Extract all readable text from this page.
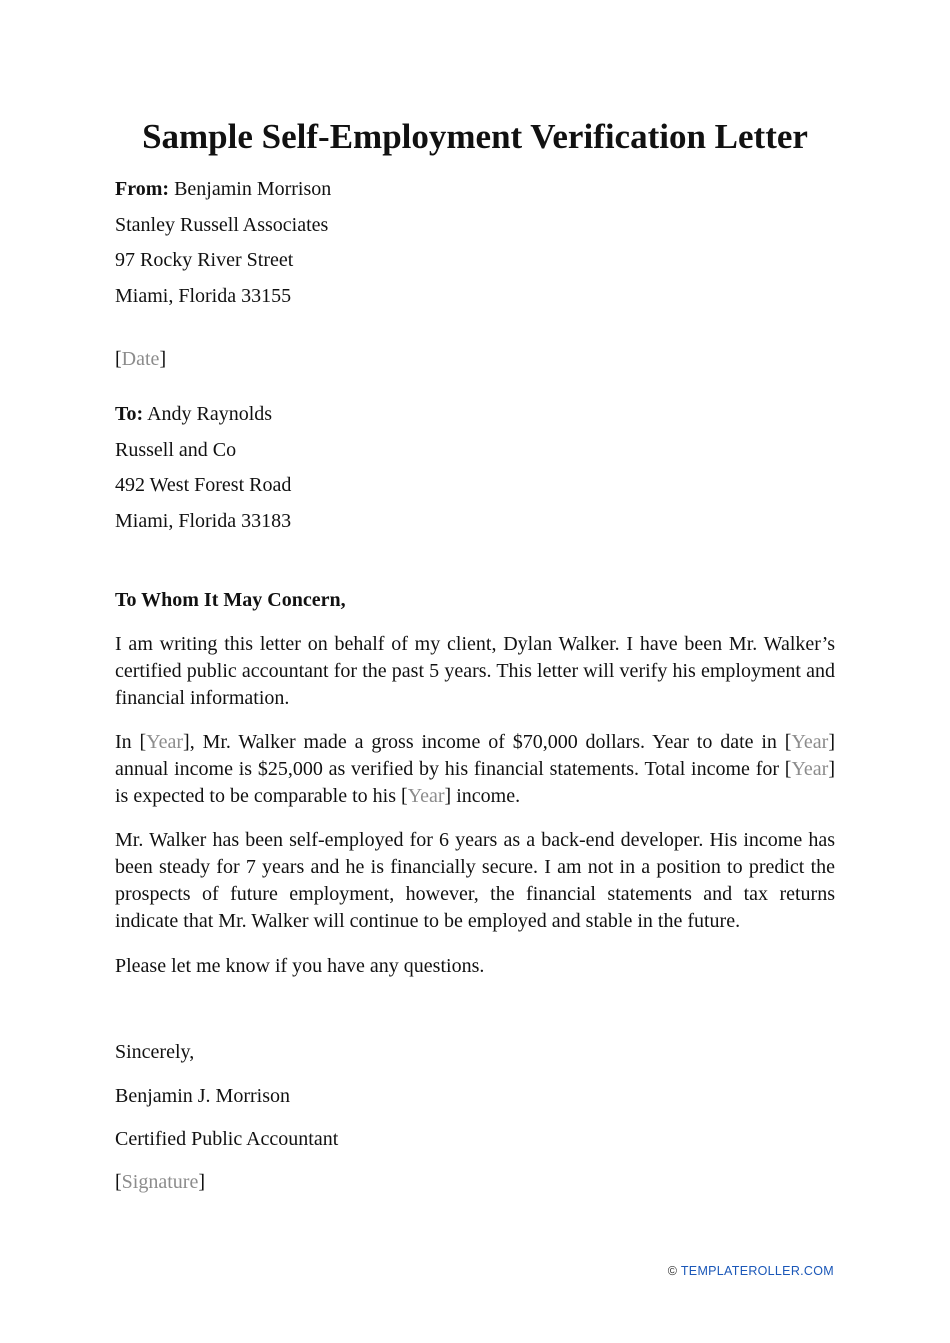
Sample Self-Employment Verification Letter
From: Benjamin Morrison
Stanley Russell Associates
97 Rocky River Street
Miami, Florida 33155
[Date]
To: Andy Raynolds
Russell and Co
492 West Forest Road
Miami, Florida 33183
To Whom It May Concern,

I am writing this letter on behalf of my client, Dylan Walker. I have been Mr. Walker’s certified public accountant for the past 5 years. This letter will verify his employment and financial information.

In [Year], Mr. Walker made a gross income of $70,000 dollars. Year to date in [Year] annual income is $25,000 as verified by his financial statements. Total income for [Year] is expected to be comparable to his [Year] income.

Mr. Walker has been self-employed for 6 years as a back-end developer. His income has been steady for 7 years and he is financially secure. I am not in a position to predict the prospects of future employment, however, the financial statements and tax returns indicate that Mr. Walker will continue to be employed and stable in the future.

Please let me know if you have any questions.
Sincerely,
Benjamin J. Morrison
Certified Public Accountant
[Signature]
© TEMPLATEROLLER.COM
